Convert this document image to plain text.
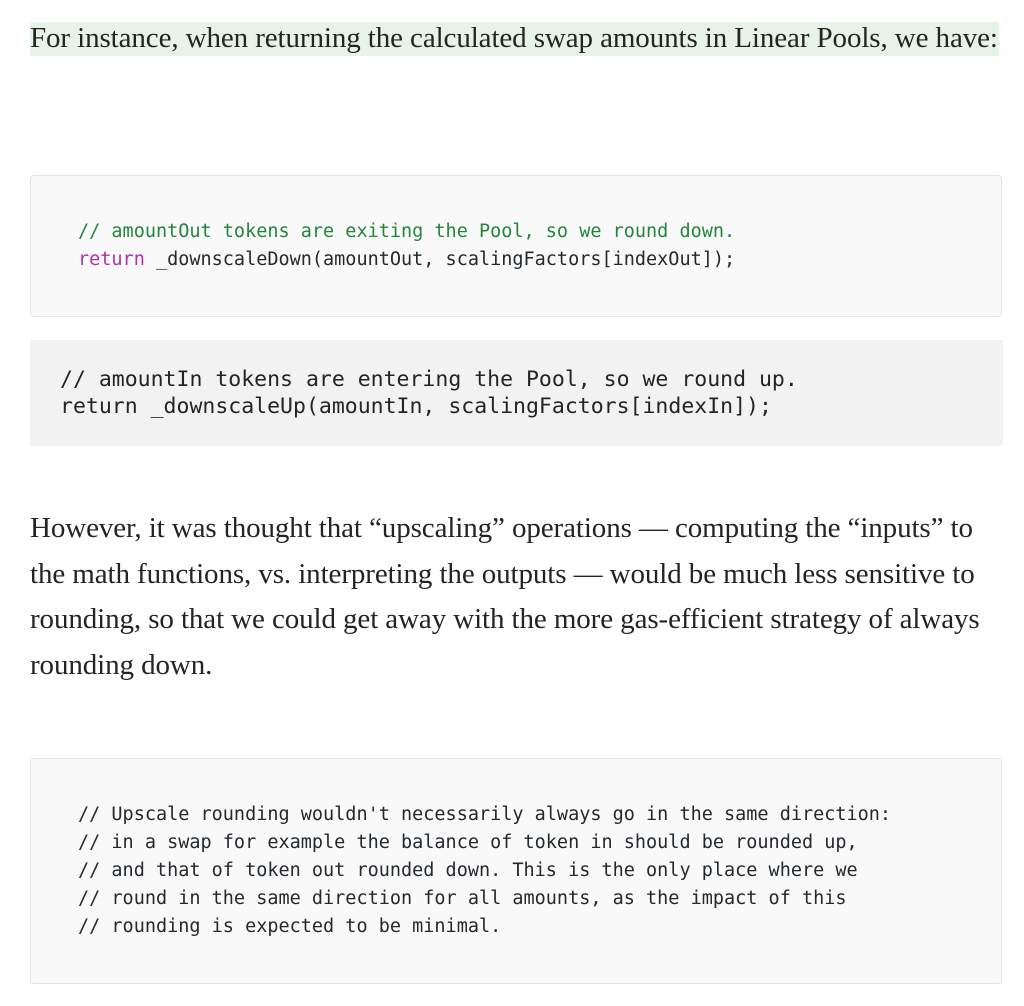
For instance, when returning the calculated swap amounts in Linear Pools, we have:

// amountOut tokens are exiting the Pool, so we round down.
return _downscaleDown(amountOut, scalingFactors[indexOut]);
// amountIn tokens are entering the Pool, so we round up.
return _downscaleUp(amountIn, scalingFactors[indexIn]);

However, it was thought that “upscaling” operations — computing the “inputs” to the math functions, vs. interpreting the outputs — would be much less sensitive to rounding, so that we could get away with the more gas-efficient strategy of always rounding down.

// Upscale rounding wouldn't necessarily always go in the same direction:
// in a swap for example the balance of token in should be rounded up,
// and that of token out rounded down. This is the only place where we
// round in the same direction for all amounts, as the impact of this
// rounding is expected to be minimal.
